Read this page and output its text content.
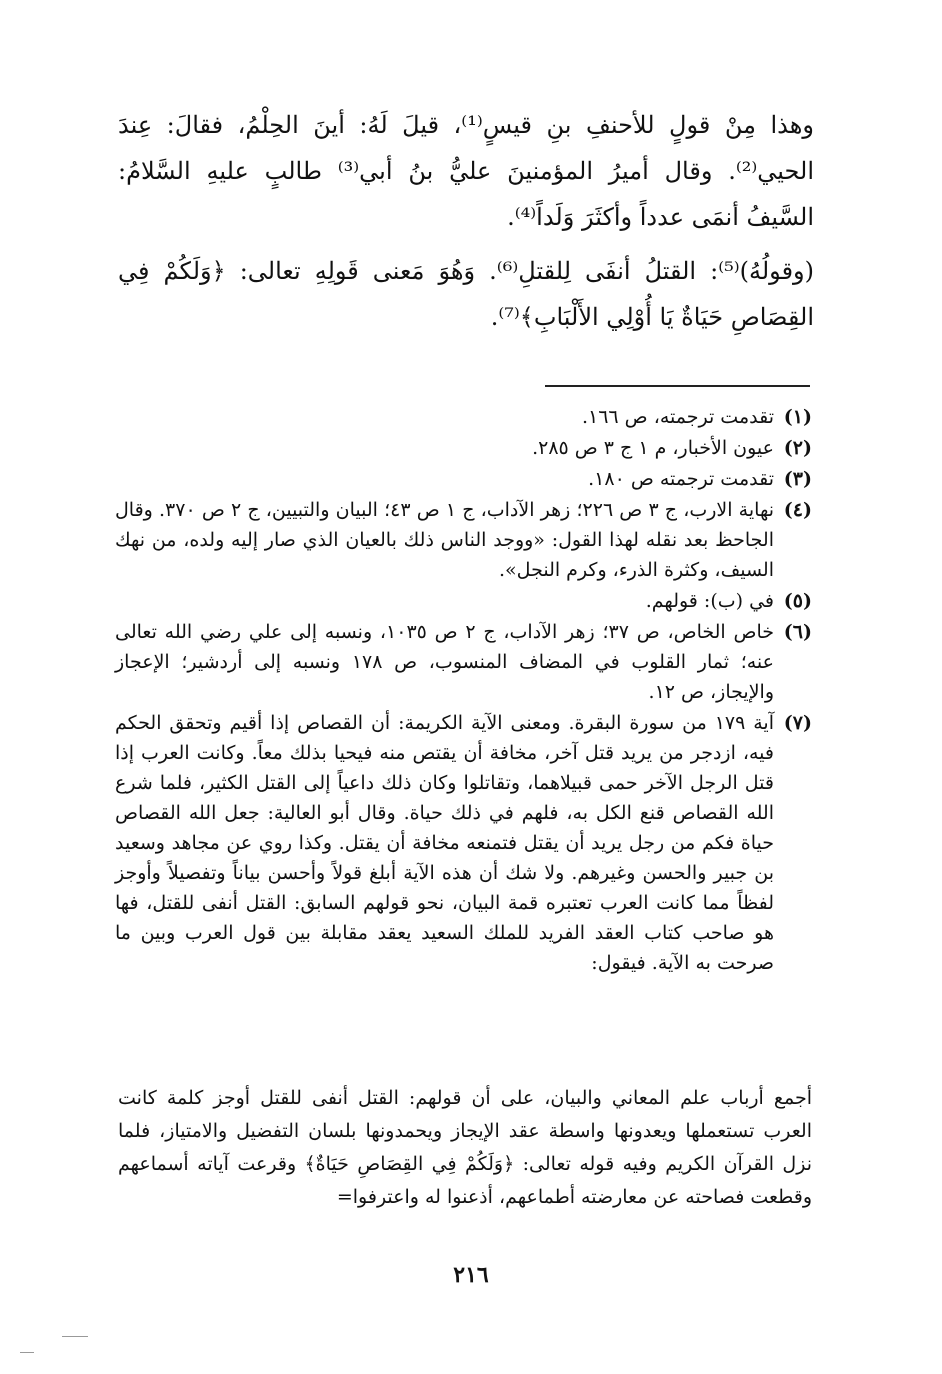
وهذا مِنْ قولٍ للأحنفِ بنِ قيسٍ⁽¹⁾، قيلَ لَهُ: أينَ الحِلْمُ، فقالَ: عِندَ الحيي⁽²⁾. وقال أميرُ المؤمنينَ عليُّ بنُ أبي⁽³⁾ طالبٍ عليهِ السَّلامُ: السَّيفُ أنمَى عدداً وأكثَرَ وَلَداً⁽⁴⁾.

(وقولُهُ)⁽⁵⁾: القتلُ أنفَى لِلقتلِ⁽⁶⁾. وَهُوَ مَعنى قَولِهِ تعالى: ﴿وَلَكُمْ فِي القِصَاصِ حَيَاةٌ يَا أُوْلِي الأَلْبَابِ﴾⁽⁷⁾.

(١)
تقدمت ترجمته، ص ١٦٦.
(٢)
عيون الأخبار، م ١ ج ٣ ص ٢٨٥.
(٣)
تقدمت ترجمته ص ١٨٠.
(٤)
نهاية الارب، ج ٣ ص ٢٢٦؛ زهر الآداب، ج ١ ص ٤٣؛ البيان والتبيين، ج ٢ ص ٣٧٠. وقال الجاحظ بعد نقله لهذا القول: «ووجد الناس ذلك بالعيان الذي صار إليه ولده، من نهك السيف، وكثرة الذرء، وكرم النجل».
(٥)
في (ب): قولهم.
(٦)
خاص الخاص، ص ٣٧؛ زهر الآداب، ج ٢ ص ١٠٣٥، ونسبه إلى علي رضي الله تعالى عنه؛ ثمار القلوب في المضاف المنسوب، ص ١٧٨ ونسبه إلى أردشير؛ الإعجاز والإيجاز، ص ١٢.
(٧)
آية ١٧٩ من سورة البقرة. ومعنى الآية الكريمة: أن القصاص إذا أقيم وتحقق الحكم فيه، ازدجر من يريد قتل آخر، مخافة أن يقتص منه فيحيا بذلك معاً. وكانت العرب إذا قتل الرجل الآخر حمى قبيلاهما، وتقاتلوا وكان ذلك داعياً إلى القتل الكثير، فلما شرع الله القصاص قنع الكل به، فلهم في ذلك حياة. وقال أبو العالية: جعل الله القصاص حياة فكم من رجل يريد أن يقتل فتمنعه مخافة أن يقتل. وكذا روي عن مجاهد وسعيد بن جبير والحسن وغيرهم. ولا شك أن هذه الآية أبلغ قولاً وأحسن بياناً وتفصيلاً وأوجز لفظاً مما كانت العرب تعتبره قمة البيان، نحو قولهم السابق: القتل أنفى للقتل، فها هو صاحب كتاب العقد الفريد للملك السعيد يعقد مقابلة بين قول العرب وبين ما صرحت به الآية. فيقول:
أجمع أرباب علم المعاني والبيان، على أن قولهم: القتل أنفى للقتل أوجز كلمة كانت العرب تستعملها ويعدونها واسطة عقد الإيجاز ويحمدونها بلسان التفضيل والامتياز، فلما نزل القرآن الكريم وفيه قوله تعالى: ﴿وَلَكُمْ فِي القِصَاصِ حَيَاةٌ﴾ وقرعت آياته أسماعهم وقطعت فصاحته عن معارضته أطماعهم، أذعنوا له واعترفوا=
٢١٦
